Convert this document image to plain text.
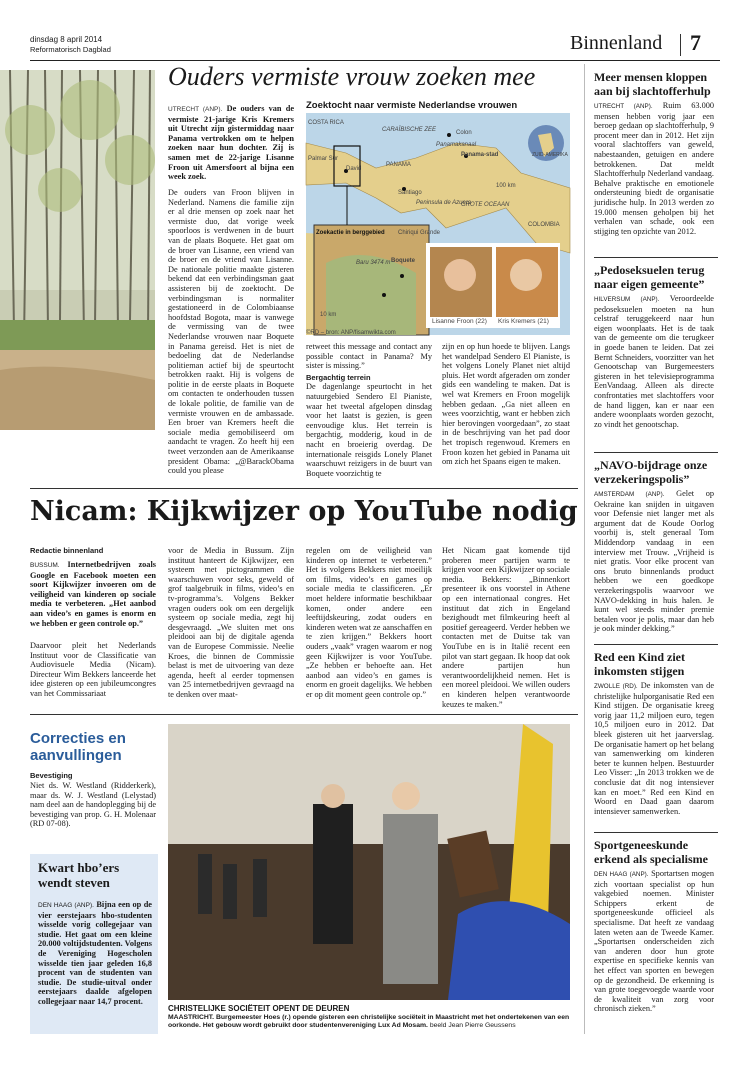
dinsdag 8 april 2014
Reformatorisch Dagblad	Binnenland 7
Ouders vermiste vrouw zoeken mee
UTRECHT (ANP). De ouders van de vermiste 21-jarige Kris Kremers uit Utrecht zijn gistermiddag naar Panama vertrokken om te helpen zoeken naar hun dochter. Zij is samen met de 22-jarige Lisanne Froon uit Amersfoort al bijna een week zoek.
De ouders van Froon blijven in Nederland. Namens die familie zijn er al drie mensen op zoek naar het vermiste duo, dat vorige week spoorloos is verdwenen in de buurt van de plaats Boquete. Het gaat om de broer van Lisanne, een vriend van de broer en de vriend van Lisanne. De nationale politie maakte gisteren bekend dat een verbindingsman gaat assisteren bij de zoektocht. De verbindingsman is normaliter gestationeerd in de Colombiaanse hoofdstad Bogota, maar is vanwege de vermissing van de twee Nederlandse vrouwen naar Boquete in Panama gereisd. Het is niet de bedoeling dat de Nederlandse politieman actief bij de speurtocht betrokken raakt. Hij is volgens de politie in de eerste plaats in Boquete om contacten te onderhouden tussen de lokale politie, de familie van de vermiste vrouwen en de ambassade. Een broer van Kremers heeft die sociale media gemobiliseerd om aandacht te vragen. Zo heeft hij een tweet verzonden aan de Amerikaanse president Obama: „@BarackObama could you please
Zoektocht naar vermiste Nederlandse vrouwen
COSTA RICA
CARAÏBISCHE ZEE	Colon
Panamakanaal
Panama-stad
PANAMA
David
Santiago
Peninsula de Azuero
GROTE OCEAAN
COLOMBIA
ZUID-AMERIKA
Palmar Sur
Zoekactie in berggebied Chiriqui Grande
Boquete
Baru 3474 m
100 km
10 km
Lisanne Froon (22) Kris Kremers (21)
©RD – bron: ANP/fisamwikta.com

retweet this message and contact any possible contact in Panama? My sister is missing.”

Bergachtig terrein

De dagenlange speurtocht in het natuurgebied Sendero El Pianiste, waar het tweetal afgelopen dinsdag voor het laatst is gezien, is geen eenvoudige klus. Het terrein is bergachtig, modderig, koud in de nacht en broeierig overdag. De internationale reisgids Lonely Planet waarschuwt reizigers in de buurt van Boquete voorzichtig te

zijn en op hun hoede te blijven. Langs het wandelpad Sendero El Pianiste, is het volgens Lonely Planet niet altijd pluis. Het wordt afgeraden om zonder gids een wandeling te maken. Dat is wel wat Kremers en Froon mogelijk hebben gedaan. „Ga niet alleen en wees voorzichtig, want er hebben zich hier berovingen voorgedaan”, zo staat in de beschrijving van het pad door het tropisch regenwoud. Kremers en Froon kozen het gebied in Panama uit om zich het Spaans eigen te maken.
Nicam: Kijkwijzer op YouTube nodig
Redactie binnenland
BUSSUM. Internetbedrijven zoals Google en Facebook moeten een soort Kijkwijzer invoeren om de veiligheid van kinderen op sociale media te verbeteren. „Het aanbod aan video’s en games is enorm en we hebben er geen controle op.”
Daarvoor pleit het Nederlands Instituut voor de Classificatie van Audiovisuele Media (Nicam). Directeur Wim Bekkers lanceerde het idee gisteren op een jubileumcongres van het Commissariaat
voor de Media in Bussum. Zijn instituut hanteert de Kijkwijzer, een systeem met pictogrammen die waarschuwen voor seks, geweld of grof taalgebruik in films, video’s en tv-programma’s. Volgens Bekker vragen ouders ook om een dergelijk systeem op sociale media, zegt hij desgevraagd. „We sluiten met ons pleidooi aan bij de digitale agenda van de Europese Commissie. Neelie Kroes, die binnen de Commissie belast is met de uitvoering van deze agenda, heeft al eerder topmensen van 25 internetbedrijven gevraagd na te denken over maat-
regelen om de veiligheid van kinderen op internet te verbeteren.” Het is volgens Bekkers niet moeilijk om films, video’s en games op sociale media te classificeren. „Er moet heldere informatie beschikbaar komen, onder andere een leeftijdskeuring, zodat ouders en kinderen weten wat ze aanschaffen en te zien krijgen.” Bekkers hoort ouders „vaak” vragen waarom er nog geen Kijkwijzer is voor YouTube. „Ze hebben er behoefte aan. Het aanbod aan video’s en games is enorm en groeit dagelijks. We hebben er op dit moment geen controle op.”
Het Nicam gaat komende tijd proberen meer partijen warm te krijgen voor een Kijkwijzer op sociale media. Bekkers: „Binnenkort presenteer ik ons voorstel in Athene op een internationaal congres. Het instituut dat zich in Engeland bezighoudt met filmkeuring heeft al positief gereageerd. Verder hebben we contacten met de Duitse tak van YouTube en is in Italië recent een pilot van start gegaan. Ik hoop dat ook andere partijen hun verantwoordelijkheid nemen. Het is een moreel pleidooi. We willen ouders en kinderen helpen verantwoorde keuzes te maken.”
Correcties en aanvullingen
Bevestiging
Niet ds. W. Westland (Ridderkerk), maar ds. W. J. Westland (Lelystad) nam deel aan de handoplegging bij de bevestiging van prop. G. H. Molenaar (RD 07-08).
Kwart hbo’ers wendt steven
DEN HAAG (ANP). Bijna een op de vier eerstejaars hbo-studenten wisselde vorig collegejaar van studie. Het gaat om een kleine 20.000 voltijdstudenten. Volgens de Vereniging Hogescholen wisselde tien jaar geleden 16,8 procent van de studenten van studie. De studie-uitval onder eerstejaars daalde afgelopen collegejaar naar 14,7 procent.
CHRISTELIJKE SOCIËTEIT OPENT DE DEUREN
MAASTRICHT. Burgemeester Hoes (r.) opende gisteren een christelijke sociëteit in Maastricht met het ondertekenen van een oorkonde. Het gebouw wordt gebruikt door studentenvereniging Lux Ad Mosam. beeld Jean Pierre Geussens
Meer mensen kloppen aan bij slachtofferhulp
UTRECHT (ANP). Ruim 63.000 mensen hebben vorig jaar een beroep gedaan op slachtofferhulp, 9 procent meer dan in 2012. Het zijn vooral slachtoffers van geweld, nabestaanden, getuigen en andere betrokkenen. Dat meldt Slachtofferhulp Nederland vandaag. Behalve praktische en emotionele ondersteuning biedt de organisatie juridische hulp. In 2013 werden zo 19.000 mensen geholpen bij het verhalen van schade, ook een stijging ten opzichte van 2012.
„Pedoseksuelen terug naar eigen gemeente”
HILVERSUM (ANP). Veroordeelde pedoseksuelen moeten na hun celstraf teruggekeerd naar hun eigen woonplaats. Het is de taak van de gemeente om die terugkeer in goede banen te leiden. Dat zei Bernt Schneiders, voorzitter van het Genootschap van Burgemeesters gisteren in het televisieprogramma EenVandaag. Alleen als directe confrontaties met slachtoffers voor de hand liggen, kan er naar een andere woonplaats worden gezocht, zo vindt het genootschap.
„NAVO-bijdrage onze verzekeringspolis”
AMSTERDAM (ANP). Gelet op Oekraine kan snijden in uitgaven voor Defensie niet langer met als argument dat de Koude Oorlog voorbij is, stelt generaal Tom Middendorp vandaag in een interview met Trouw. „Vrijheid is niet gratis. Voor elke procent van ons bruto binnenlands product hebben we een goedkope verzekeringspolis waarvoor we NAVO-dekking in huis halen. Je kunt wel steeds minder premie betalen voor je polis, maar dan heb je ook minder dekking.”
Red een Kind ziet inkomsten stijgen
ZWOLLE (RD). De inkomsten van de christelijke hulporganisatie Red een Kind stijgen. De organisatie kreeg vorig jaar 11,2 miljoen euro, tegen 10,5 miljoen euro in 2012. Dat bleek gisteren uit het jaarverslag. De organisatie hamert op het belang van samenwerking om kinderen beter te kunnen helpen. Bestuurder Leo Visser: „In 2013 trokken we de conclusie dat dit nog intensiever kan en moet.” Red een Kind en Woord en Daad gaan daarom intensiever samenwerken.
Sportgeneeskunde erkend als specialisme
DEN HAAG (ANP). Sportartsen mogen zich voortaan specialist op hun vakgebied noemen. Minister Schippers erkent de sportgeneeskunde officieel als specialisme. Dat heeft ze vandaag laten weten aan de Tweede Kamer. „Sportartsen onderscheiden zich van anderen door hun grote expertise en specifieke kennis van het effect van sporten en bewegen op de gezondheid. De erkenning is van grote toegevoegde waarde voor de kwaliteit van zorg voor chronisch zieken.”
